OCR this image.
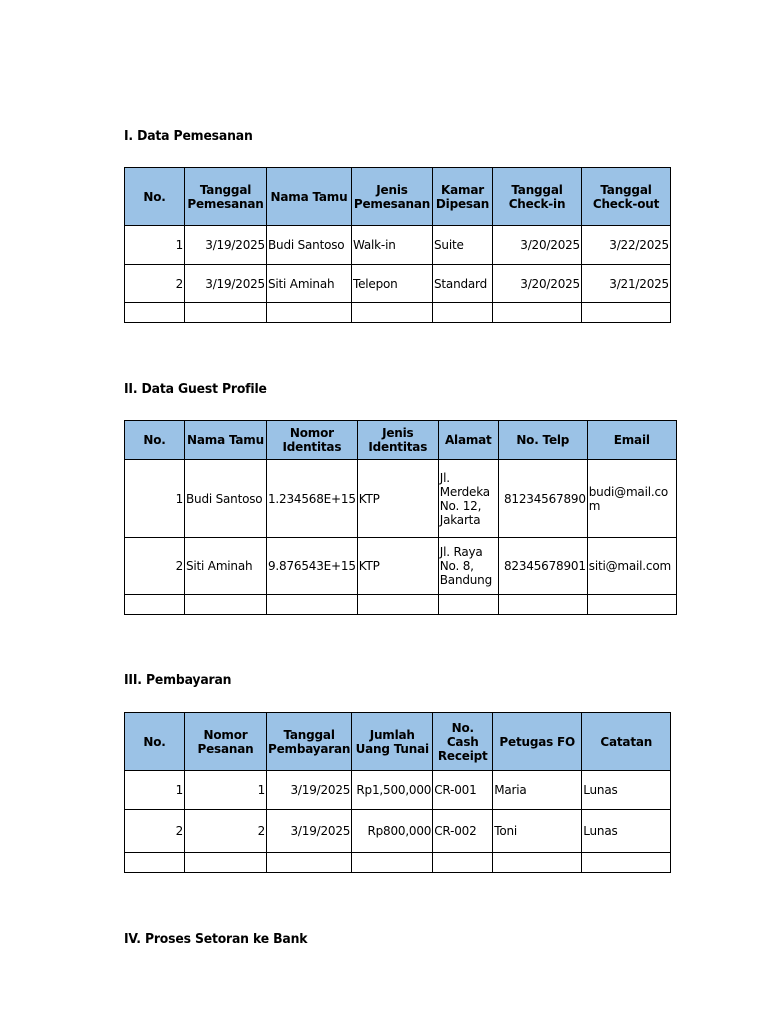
I. Data Pemesanan
No.	Tanggal Pemesanan	Nama Tamu	Jenis Pemesanan	Kamar Dipesan	Tanggal Check-in	Tanggal Check-out
1	3/19/2025	Budi Santoso	Walk-in	Suite	3/20/2025	3/22/2025
2	3/19/2025	Siti Aminah	Telepon	Standard	3/20/2025	3/21/2025

II. Data Guest Profile
No.	Nama Tamu	Nomor Identitas	Jenis Identitas	Alamat	No. Telp	Email
1	Budi Santoso	1.234568E+15	KTP	Jl. Merdeka No. 12, Jakarta	81234567890	budi@mail.com
2	Siti Aminah	9.876543E+15	KTP	Jl. Raya No. 8, Bandung	82345678901	siti@mail.com

III. Pembayaran
No.	Nomor Pesanan	Tanggal Pembayaran	Jumlah Uang Tunai	No. Cash Receipt	Petugas FO	Catatan
1	1	3/19/2025	Rp1,500,000	CR-001	Maria	Lunas
2	2	3/19/2025	Rp800,000	CR-002	Toni	Lunas

IV. Proses Setoran ke Bank
